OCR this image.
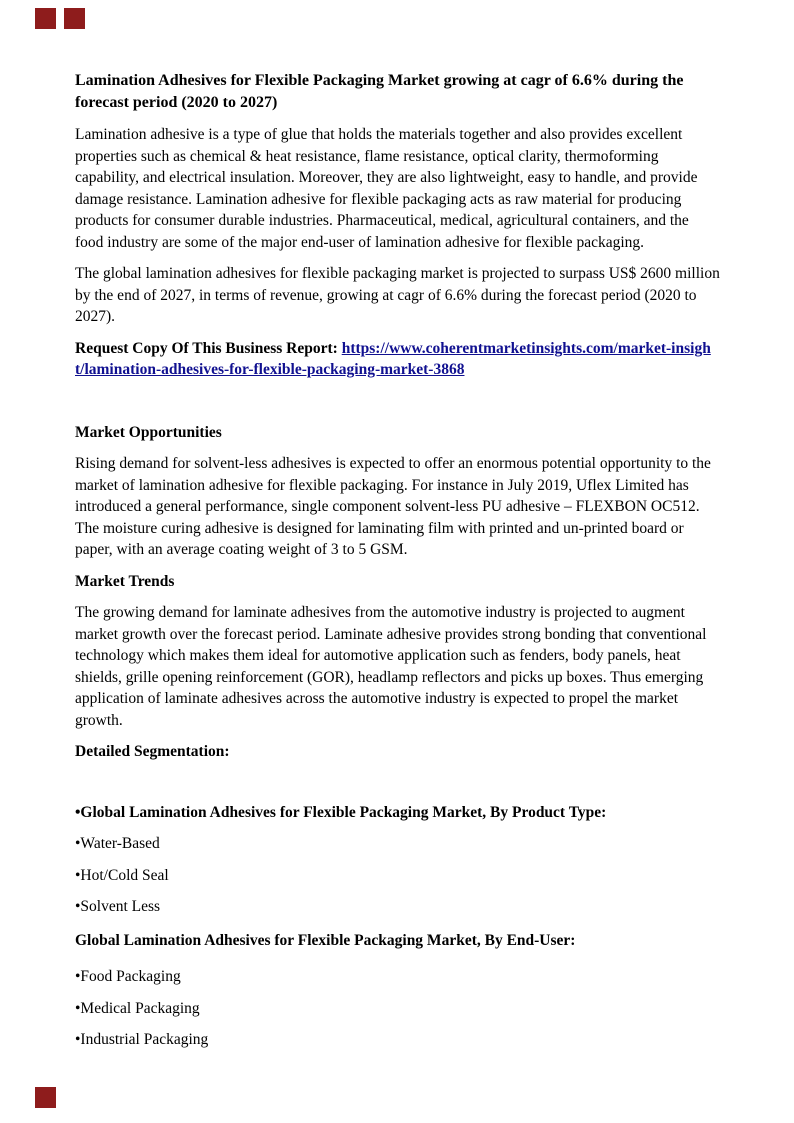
Lamination Adhesives for Flexible Packaging Market growing at cagr of 6.6% during the forecast period (2020 to 2027)

Lamination adhesive is a type of glue that holds the materials together and also provides excellent properties such as chemical & heat resistance, flame resistance, optical clarity, thermoforming capability, and electrical insulation. Moreover, they are also lightweight, easy to handle, and provide damage resistance. Lamination adhesive for flexible packaging acts as raw material for producing products for consumer durable industries. Pharmaceutical, medical, agricultural containers, and the food industry are some of the major end-user of lamination adhesive for flexible packaging.

The global lamination adhesives for flexible packaging market is projected to surpass US$ 2600 million by the end of 2027, in terms of revenue, growing at cagr of 6.6% during the forecast period (2020 to 2027).

Request Copy Of This Business Report: https://www.coherentmarketinsights.com/market-insight/lamination-adhesives-for-flexible-packaging-market-3868

Market Opportunities

Rising demand for solvent-less adhesives is expected to offer an enormous potential opportunity to the market of lamination adhesive for flexible packaging. For instance in July 2019, Uflex Limited has introduced a general performance, single component solvent-less PU adhesive – FLEXBON OC512. The moisture curing adhesive is designed for laminating film with printed and un-printed board or paper, with an average coating weight of 3 to 5 GSM.

Market Trends

The growing demand for laminate adhesives from the automotive industry is projected to augment market growth over the forecast period. Laminate adhesive provides strong bonding that conventional technology which makes them ideal for automotive application such as fenders, body panels, heat shields, grille opening reinforcement (GOR), headlamp reflectors and picks up boxes. Thus emerging application of laminate adhesives across the automotive industry is expected to propel the market growth.

Detailed Segmentation:

•Global Lamination Adhesives for Flexible Packaging Market, By Product Type:

•Water-Based

•Hot/Cold Seal

•Solvent Less

Global Lamination Adhesives for Flexible Packaging Market, By End-User:

•Food Packaging

•Medical Packaging

•Industrial Packaging
